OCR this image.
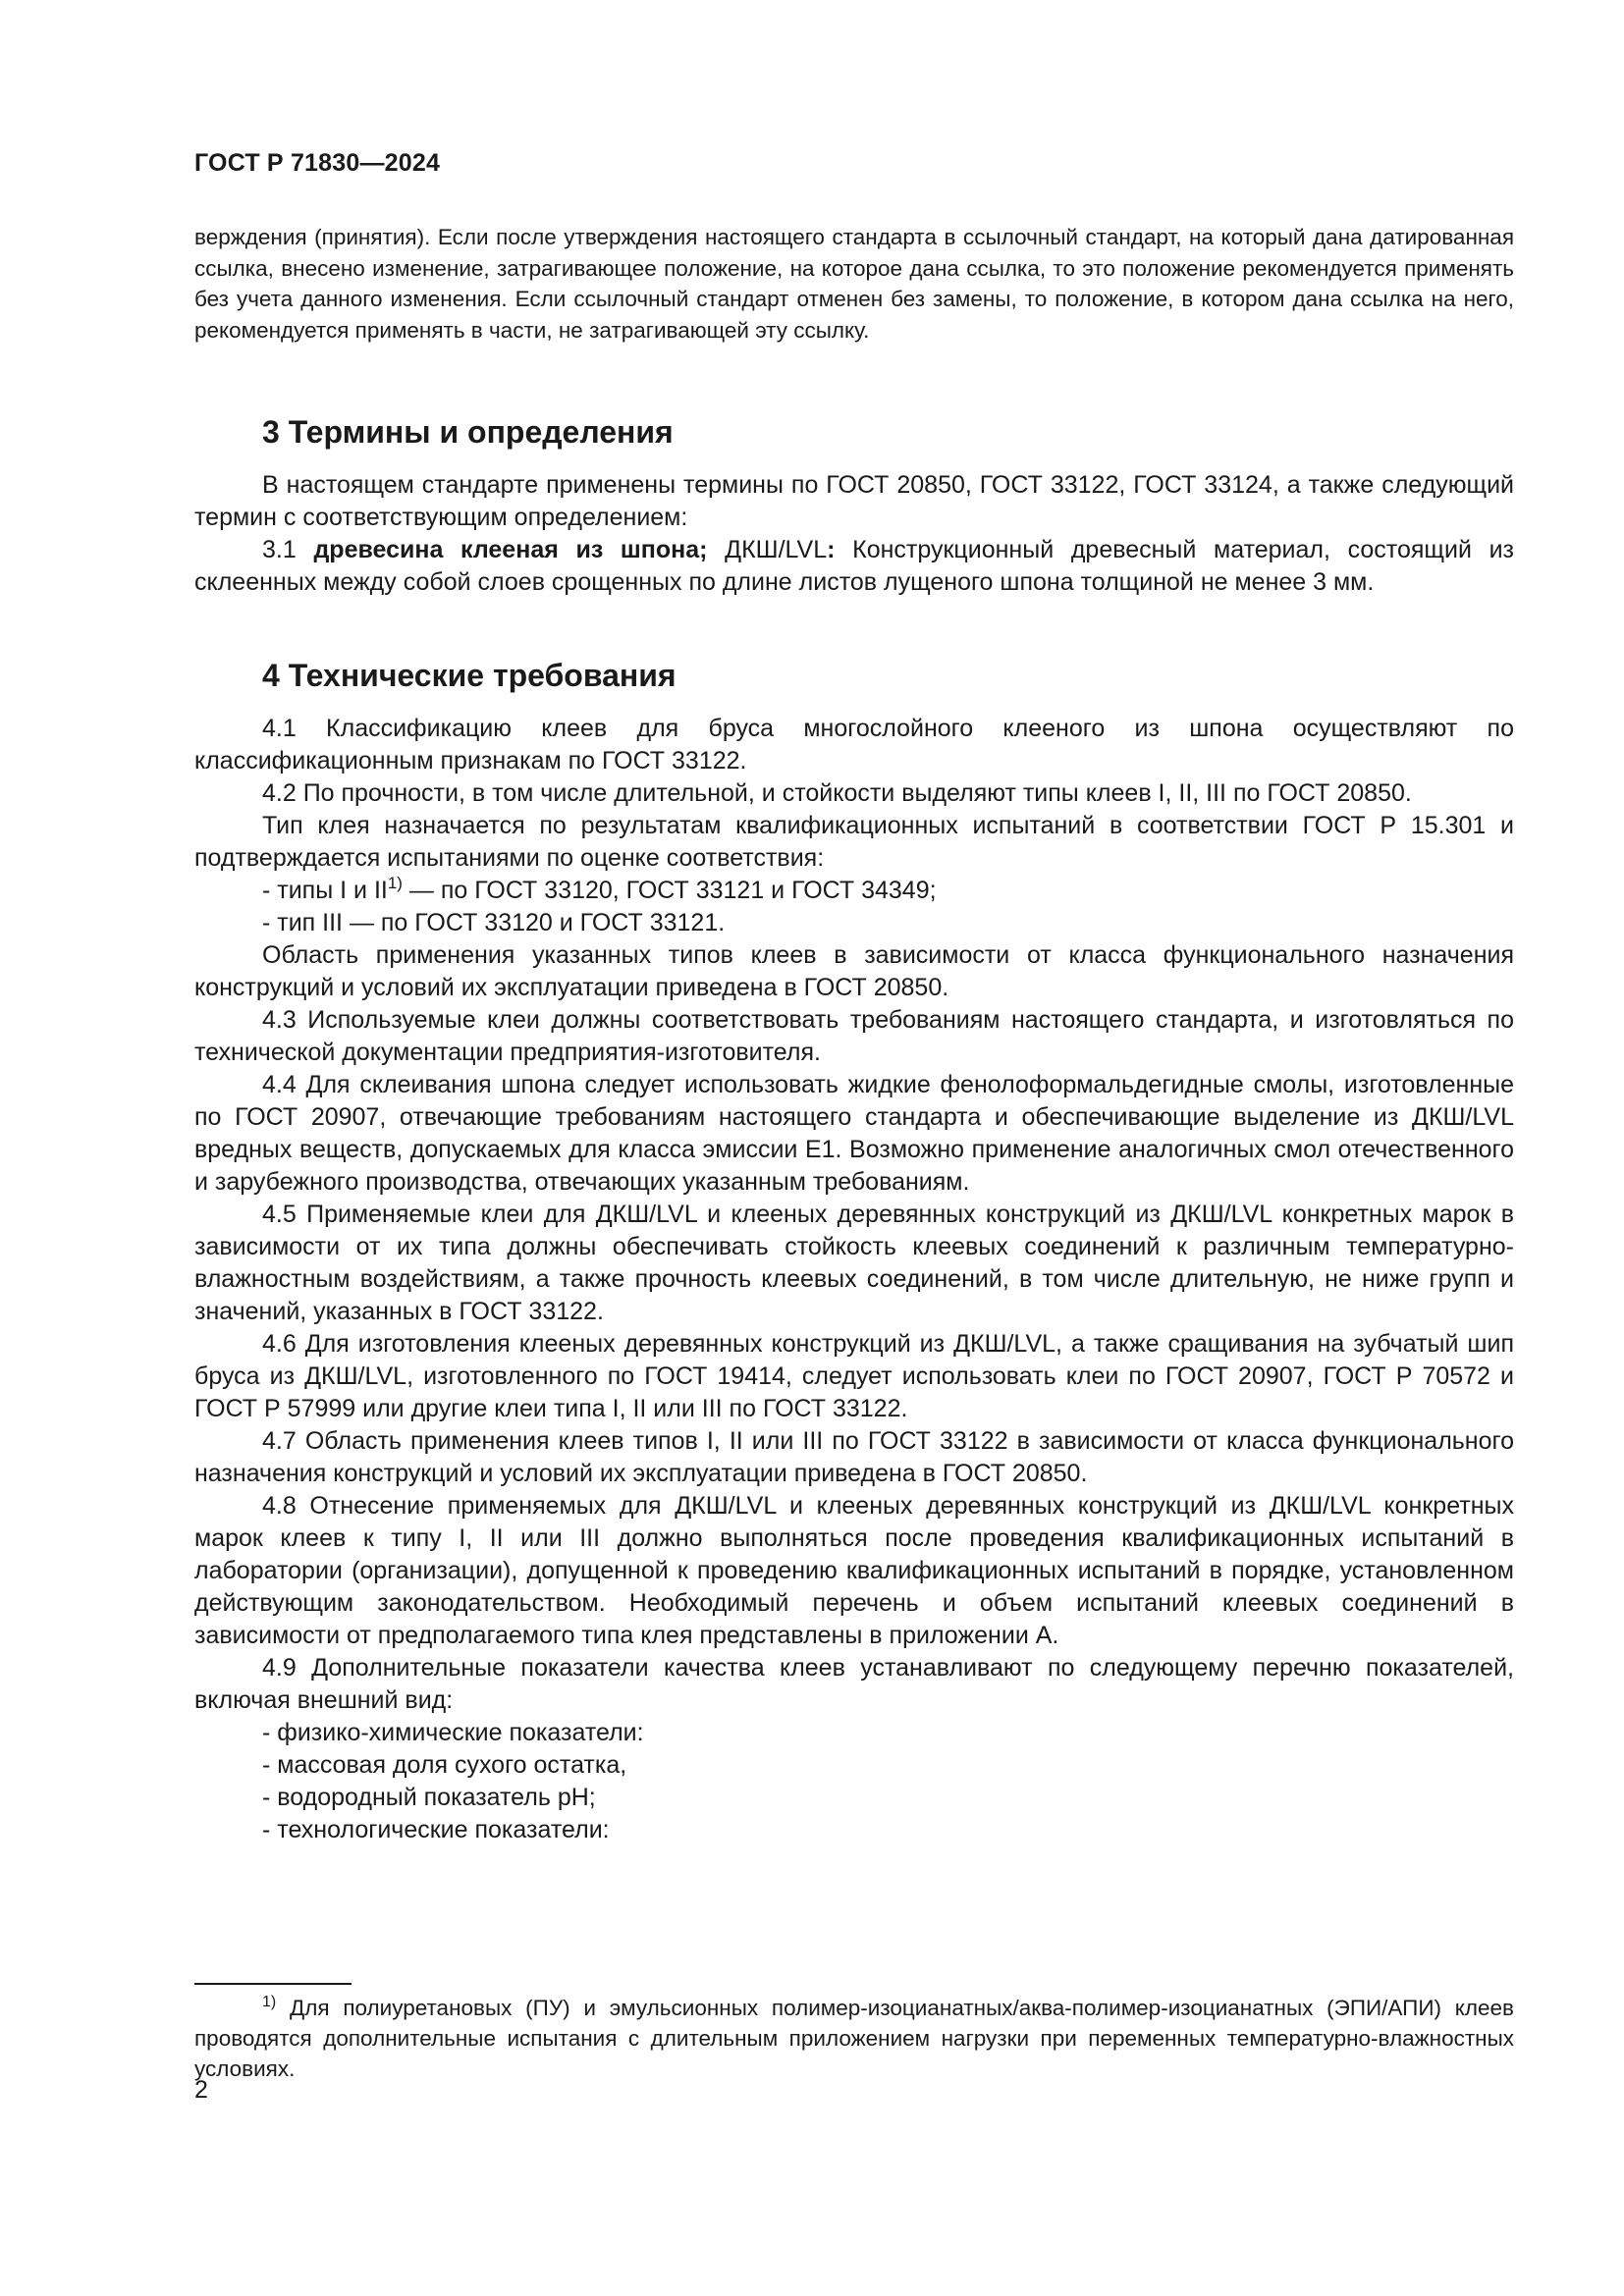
ГОСТ Р 71830—2024

верждения (принятия). Если после утверждения настоящего стандарта в ссылочный стандарт, на который дана датированная ссылка, внесено изменение, затрагивающее положение, на которое дана ссылка, то это положение рекомендуется применять без учета данного изменения. Если ссылочный стандарт отменен без замены, то положение, в котором дана ссылка на него, рекомендуется применять в части, не затрагивающей эту ссылку.

3 Термины и определения

В настоящем стандарте применены термины по ГОСТ 20850, ГОСТ 33122, ГОСТ 33124, а также следующий термин с соответствующим определением:

3.1 древесина клееная из шпона; ДКШ/LVL: Конструкционный древесный материал, состоящий из склеенных между собой слоев срощенных по длине листов лущеного шпона толщиной не менее 3 мм.

4 Технические требования

4.1 Классификацию клеев для бруса многослойного клееного из шпона осуществляют по классификационным признакам по ГОСТ 33122.

4.2 По прочности, в том числе длительной, и стойкости выделяют типы клеев I, II, III по ГОСТ 20850.

Тип клея назначается по результатам квалификационных испытаний в соответствии ГОСТ Р 15.301 и подтверждается испытаниями по оценке соответствия:

- типы I и II$^{1)}$ — по ГОСТ 33120, ГОСТ 33121 и ГОСТ 34349;

- тип III — по ГОСТ 33120 и ГОСТ 33121.

Область применения указанных типов клеев в зависимости от класса функционального назначения конструкций и условий их эксплуатации приведена в ГОСТ 20850.

4.3 Используемые клеи должны соответствовать требованиям настоящего стандарта, и изготовляться по технической документации предприятия-изготовителя.

4.4 Для склеивания шпона следует использовать жидкие фенолоформальдегидные смолы, изготовленные по ГОСТ 20907, отвечающие требованиям настоящего стандарта и обеспечивающие выделение из ДКШ/LVL вредных веществ, допускаемых для класса эмиссии Е1. Возможно применение аналогичных смол отечественного и зарубежного производства, отвечающих указанным требованиям.

4.5 Применяемые клеи для ДКШ/LVL и клееных деревянных конструкций из ДКШ/LVL конкретных марок в зависимости от их типа должны обеспечивать стойкость клеевых соединений к различным температурно-влажностным воздействиям, а также прочность клеевых соединений, в том числе длительную, не ниже групп и значений, указанных в ГОСТ 33122.

4.6 Для изготовления клееных деревянных конструкций из ДКШ/LVL, а также сращивания на зубчатый шип бруса из ДКШ/LVL, изготовленного по ГОСТ 19414, следует использовать клеи по ГОСТ 20907, ГОСТ Р 70572 и ГОСТ Р 57999 или другие клеи типа I, II или III по ГОСТ 33122.

4.7 Область применения клеев типов I, II или III по ГОСТ 33122 в зависимости от класса функционального назначения конструкций и условий их эксплуатации приведена в ГОСТ 20850.

4.8 Отнесение применяемых для ДКШ/LVL и клееных деревянных конструкций из ДКШ/LVL конкретных марок клеев к типу I, II или III должно выполняться после проведения квалификационных испытаний в лаборатории (организации), допущенной к проведению квалификационных испытаний в порядке, установленном действующим законодательством. Необходимый перечень и объем испытаний клеевых соединений в зависимости от предполагаемого типа клея представлены в приложении А.

4.9 Дополнительные показатели качества клеев устанавливают по следующему перечню показателей, включая внешний вид:

- физико-химические показатели:

- массовая доля сухого остатка,

- водородный показатель pH;

- технологические показатели:

$^{1)}$ Для полиуретановых (ПУ) и эмульсионных полимер-изоцианатных/аква-полимер-изоцианатных (ЭПИ/АПИ) клеев проводятся дополнительные испытания с длительным приложением нагрузки при переменных температурно-влажностных условиях.
2
